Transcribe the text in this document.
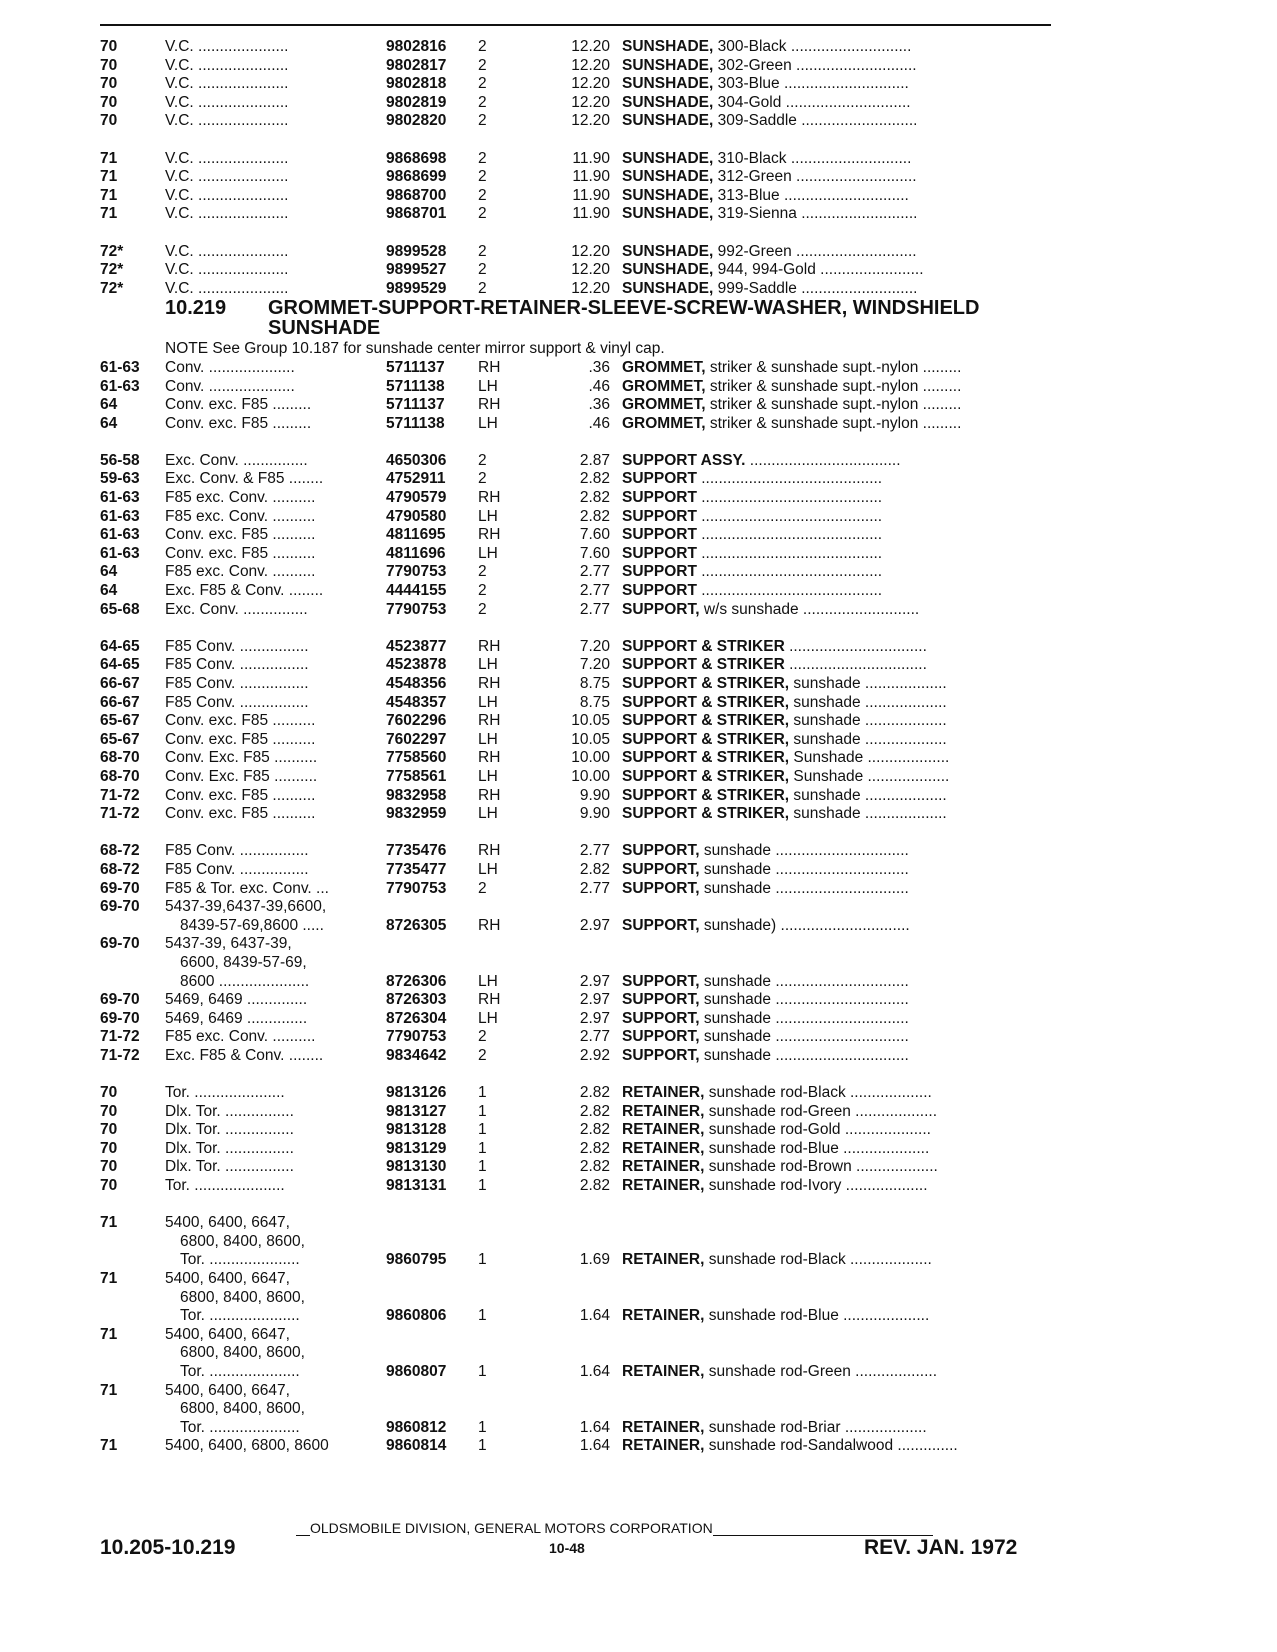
70	V.C. .....................	9802816 2	12.20 SUNSHADE, 300-Black ............................
70	V.C. .....................	9802817 2	12.20 SUNSHADE, 302-Green ............................
70	V.C. .....................	9802818 2	12.20 SUNSHADE, 303-Blue .............................
70	V.C. .....................	9802819 2	12.20 SUNSHADE, 304-Gold .............................
70	V.C. .....................	9802820 2	12.20 SUNSHADE, 309-Saddle ...........................
71	V.C. .....................	9868698 2	11.90 SUNSHADE, 310-Black ............................
71	V.C. .....................	9868699 2	11.90 SUNSHADE, 312-Green ............................
71	V.C. .....................	9868700 2	11.90 SUNSHADE, 313-Blue .............................
71	V.C. .....................	9868701 2	11.90 SUNSHADE, 319-Sienna ...........................
72*	V.C. .....................	9899528 2	12.20 SUNSHADE, 992-Green ............................
72*	V.C. .....................	9899527 2	12.20 SUNSHADE, 944, 994-Gold ........................
72*	V.C. .....................	9899529 2	12.20 SUNSHADE, 999-Saddle ...........................
10.219 GROMMET-SUPPORT-RETAINER-SLEEVE-SCREW-WASHER, WINDSHIELD SUNSHADE
NOTE See Group 10.187 for sunshade center mirror support & vinyl cap.
61-63 Conv. ....................	5711137 RH	.36 GROMMET, striker & sunshade supt.-nylon .........
61-63 Conv. ....................	5711138 LH	.46 GROMMET, striker & sunshade supt.-nylon .........
64	Conv. exc. F85 .........	5711137 RH	.36 GROMMET, striker & sunshade supt.-nylon .........
64	Conv. exc. F85 .........	5711138 LH	.46 GROMMET, striker & sunshade supt.-nylon .........
56-58 Exc. Conv. ...............	4650306 2	2.87 SUPPORT ASSY. ...................................
59-63 Exc. Conv. & F85 ........	4752911 2	2.82 SUPPORT ..........................................
61-63 F85 exc. Conv. ..........	4790579 RH	2.82 SUPPORT ..........................................
61-63 F85 exc. Conv. ..........	4790580 LH	2.82 SUPPORT ..........................................
61-63 Conv. exc. F85 ..........	4811695 RH	7.60 SUPPORT ..........................................
61-63 Conv. exc. F85 ..........	4811696 LH	7.60 SUPPORT ..........................................
64	F85 exc. Conv. ..........	7790753 2	2.77 SUPPORT ..........................................
64	Exc. F85 & Conv. ........	4444155 2	2.77 SUPPORT ..........................................
65-68 Exc. Conv. ...............	7790753 2	2.77 SUPPORT, w/s sunshade ...........................
64-65 F85 Conv. ................	4523877 RH	7.20 SUPPORT & STRIKER ................................
64-65 F85 Conv. ................	4523878 LH	7.20 SUPPORT & STRIKER ................................
66-67 F85 Conv. ................	4548356 RH	8.75 SUPPORT & STRIKER, sunshade ...................
66-67 F85 Conv. ................	4548357 LH	8.75 SUPPORT & STRIKER, sunshade ...................
65-67 Conv. exc. F85 ..........	7602296 RH	10.05 SUPPORT & STRIKER, sunshade ...................
65-67 Conv. exc. F85 ..........	7602297 LH	10.05 SUPPORT & STRIKER, sunshade ...................
68-70 Conv. Exc. F85 ..........	7758560 RH	10.00 SUPPORT & STRIKER, Sunshade ...................
68-70 Conv. Exc. F85 ..........	7758561 LH	10.00 SUPPORT & STRIKER, Sunshade ...................
71-72 Conv. exc. F85 ..........	9832958 RH	9.90 SUPPORT & STRIKER, sunshade ...................
71-72 Conv. exc. F85 ..........	9832959 LH	9.90 SUPPORT & STRIKER, sunshade ...................
68-72 F85 Conv. ................	7735476 RH	2.77 SUPPORT, sunshade ...............................
68-72 F85 Conv. ................	7735477 LH	2.82 SUPPORT, sunshade ...............................
69-70 F85 & Tor. exc. Conv. ...	7790753 2	2.77 SUPPORT, sunshade ...............................
69-70 5437-39,6437-39,6600,
8439-57-69,8600 .....	8726305 RH	2.97 SUPPORT, sunshade) ..............................
69-70 5437-39, 6437-39,
6600, 8439-57-69,
8600 .....................	8726306 LH	2.97 SUPPORT, sunshade ...............................
69-70 5469, 6469 ..............	8726303 RH	2.97 SUPPORT, sunshade ...............................
69-70 5469, 6469 ..............	8726304 LH	2.97 SUPPORT, sunshade ...............................
71-72 F85 exc. Conv. ..........	7790753 2	2.77 SUPPORT, sunshade ...............................
71-72 Exc. F85 & Conv. ........	9834642 2	2.92 SUPPORT, sunshade ...............................
70	Tor. .....................	9813126 1	2.82 RETAINER, sunshade rod-Black ...................
70	Dlx. Tor. ................	9813127 1	2.82 RETAINER, sunshade rod-Green ...................
70	Dlx. Tor. ................	9813128 1	2.82 RETAINER, sunshade rod-Gold ....................
70	Dlx. Tor. ................	9813129 1	2.82 RETAINER, sunshade rod-Blue ....................
70	Dlx. Tor. ................	9813130 1	2.82 RETAINER, sunshade rod-Brown ...................
70	Tor. .....................	9813131 1	2.82 RETAINER, sunshade rod-Ivory ...................
71	5400, 6400, 6647,
6800, 8400, 8600,
Tor. .....................	9860795 1	1.69 RETAINER, sunshade rod-Black ...................
71	5400, 6400, 6647,
6800, 8400, 8600,
Tor. .....................	9860806 1	1.64 RETAINER, sunshade rod-Blue ....................
71	5400, 6400, 6647,
6800, 8400, 8600,
Tor. .....................	9860807 1	1.64 RETAINER, sunshade rod-Green ...................
71	5400, 6400, 6647,
6800, 8400, 8600,
Tor. .....................	9860812 1	1.64 RETAINER, sunshade rod-Briar ...................
71	5400, 6400, 6800, 8600	9860814 1	1.64 RETAINER, sunshade rod-Sandalwood ..............
OLDSMOBILE DIVISION, GENERAL MOTORS CORPORATION
10.205-10.219	10-48	REV. JAN. 1972
